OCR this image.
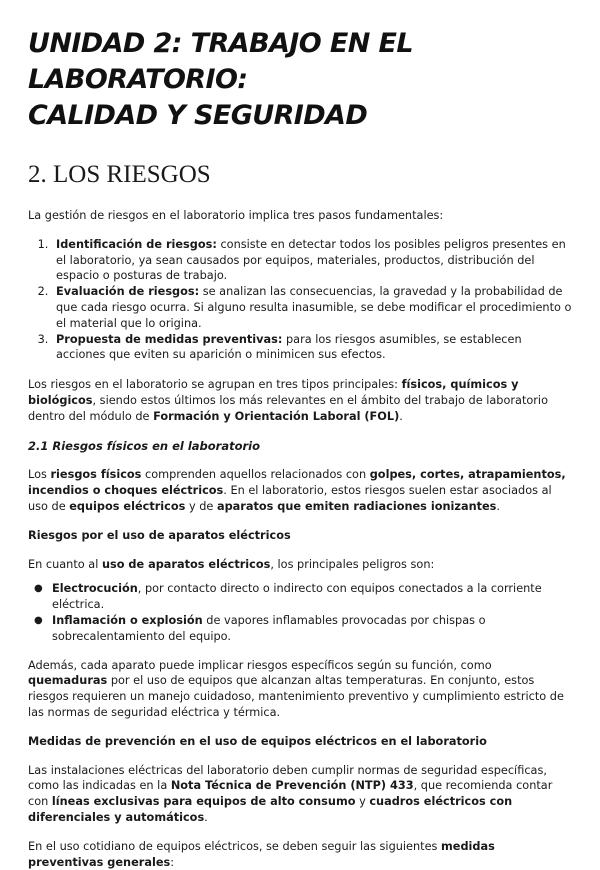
UNIDAD 2: TRABAJO EN EL LABORATORIO:
CALIDAD Y SEGURIDAD
2. LOS RIESGOS

La gestión de riesgos en el laboratorio implica tres pasos fundamentales:

1. Identificación de riesgos: consiste en detectar todos los posibles peligros presentes en el laboratorio, ya sean causados por equipos, materiales, productos, distribución del espacio o posturas de trabajo.
2. Evaluación de riesgos: se analizan las consecuencias, la gravedad y la probabilidad de que cada riesgo ocurra. Si alguno resulta inasumible, se debe modificar el procedimiento o el material que lo origina.
3. Propuesta de medidas preventivas: para los riesgos asumibles, se establecen acciones que eviten su aparición o minimicen sus efectos.

Los riesgos en el laboratorio se agrupan en tres tipos principales: físicos, químicos y biológicos, siendo estos últimos los más relevantes en el ámbito del trabajo de laboratorio dentro del módulo de Formación y Orientación Laboral (FOL).

2.1 Riesgos físicos en el laboratorio

Los riesgos físicos comprenden aquellos relacionados con golpes, cortes, atrapamientos, incendios o choques eléctricos. En el laboratorio, estos riesgos suelen estar asociados al uso de equipos eléctricos y de aparatos que emiten radiaciones ionizantes.

Riesgos por el uso de aparatos eléctricos

En cuanto al uso de aparatos eléctricos, los principales peligros son:

● Electrocución, por contacto directo o indirecto con equipos conectados a la corriente eléctrica.
● Inflamación o explosión de vapores inflamables provocadas por chispas o sobrecalentamiento del equipo.

Además, cada aparato puede implicar riesgos específicos según su función, como quemaduras por el uso de equipos que alcanzan altas temperaturas. En conjunto, estos riesgos requieren un manejo cuidadoso, mantenimiento preventivo y cumplimiento estricto de las normas de seguridad eléctrica y térmica.

Medidas de prevención en el uso de equipos eléctricos en el laboratorio

Las instalaciones eléctricas del laboratorio deben cumplir normas de seguridad específicas, como las indicadas en la Nota Técnica de Prevención (NTP) 433, que recomienda contar con líneas exclusivas para equipos de alto consumo y cuadros eléctricos con diferenciales y automáticos.

En el uso cotidiano de equipos eléctricos, se deben seguir las siguientes medidas preventivas generales:
